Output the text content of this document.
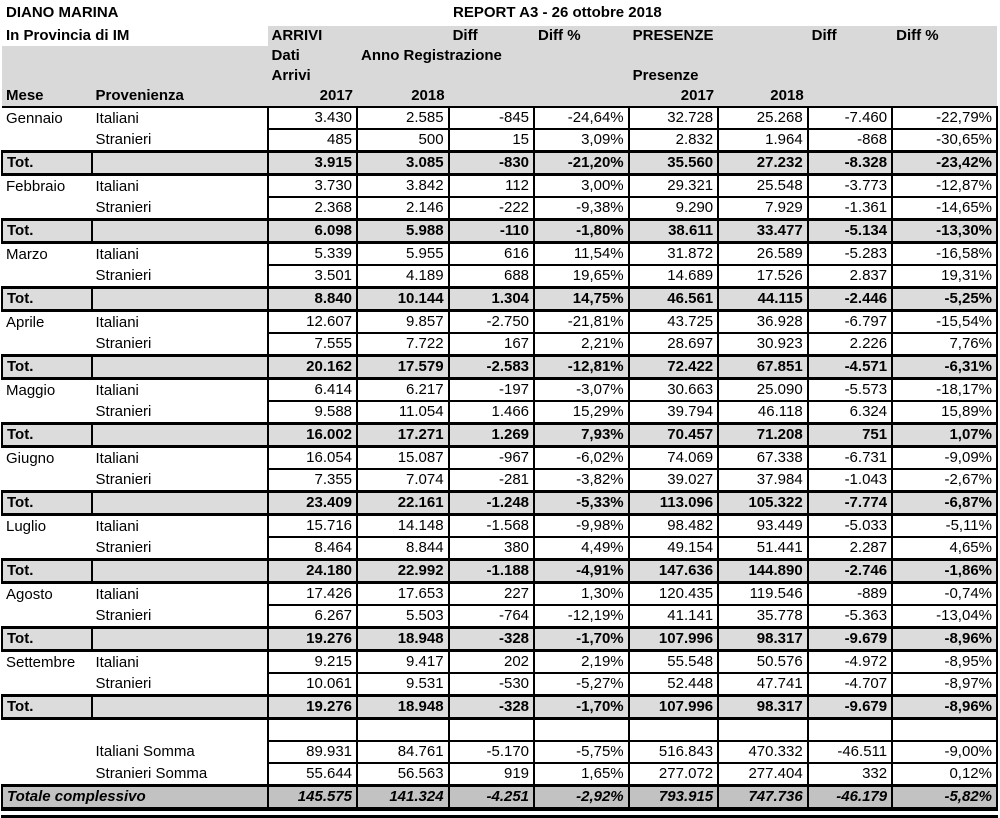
DIANO MARINA REPORT A3 - 26 ottobre 2018									

In Provincia di IM		ARRIVI		Diff	Diff %	PRESENZE		Diff	Diff %
		Dati	Anno Registrazione						
		Arrivi				Presenze			
Mese	Provenienza	2017	2018			2017	2018		
Gennaio	Italiani	3.430	2.585	-845	-24,64%	32.728	25.268	-7.460	-22,79%
	Stranieri	485	500	15	3,09%	2.832	1.964	-868	-30,65%
Tot.		3.915	3.085	-830	-21,20%	35.560	27.232	-8.328	-23,42%
Febbraio	Italiani	3.730	3.842	112	3,00%	29.321	25.548	-3.773	-12,87%
	Stranieri	2.368	2.146	-222	-9,38%	9.290	7.929	-1.361	-14,65%
Tot.		6.098	5.988	-110	-1,80%	38.611	33.477	-5.134	-13,30%
Marzo	Italiani	5.339	5.955	616	11,54%	31.872	26.589	-5.283	-16,58%
	Stranieri	3.501	4.189	688	19,65%	14.689	17.526	2.837	19,31%
Tot.		8.840	10.144	1.304	14,75%	46.561	44.115	-2.446	-5,25%
Aprile	Italiani	12.607	9.857	-2.750	-21,81%	43.725	36.928	-6.797	-15,54%
	Stranieri	7.555	7.722	167	2,21%	28.697	30.923	2.226	7,76%
Tot.		20.162	17.579	-2.583	-12,81%	72.422	67.851	-4.571	-6,31%
Maggio	Italiani	6.414	6.217	-197	-3,07%	30.663	25.090	-5.573	-18,17%
	Stranieri	9.588	11.054	1.466	15,29%	39.794	46.118	6.324	15,89%
Tot.		16.002	17.271	1.269	7,93%	70.457	71.208	751	1,07%
Giugno	Italiani	16.054	15.087	-967	-6,02%	74.069	67.338	-6.731	-9,09%
	Stranieri	7.355	7.074	-281	-3,82%	39.027	37.984	-1.043	-2,67%
Tot.		23.409	22.161	-1.248	-5,33%	113.096	105.322	-7.774	-6,87%
Luglio	Italiani	15.716	14.148	-1.568	-9,98%	98.482	93.449	-5.033	-5,11%
	Stranieri	8.464	8.844	380	4,49%	49.154	51.441	2.287	4,65%
Tot.		24.180	22.992	-1.188	-4,91%	147.636	144.890	-2.746	-1,86%
Agosto	Italiani	17.426	17.653	227	1,30%	120.435	119.546	-889	-0,74%
	Stranieri	6.267	5.503	-764	-12,19%	41.141	35.778	-5.363	-13,04%
Tot.		19.276	18.948	-328	-1,70%	107.996	98.317	-9.679	-8,96%
Settembre	Italiani	9.215	9.417	202	2,19%	55.548	50.576	-4.972	-8,95%
	Stranieri	10.061	9.531	-530	-5,27%	52.448	47.741	-4.707	-8,97%
Tot.		19.276	18.948	-328	-1,70%	107.996	98.317	-9.679	-8,96%

	Italiani Somma	89.931	84.761	-5.170	-5,75%	516.843	470.332	-46.511	-9,00%
	Stranieri Somma	55.644	56.563	919	1,65%	277.072	277.404	332	0,12%
Totale complessivo		145.575	141.324	-4.251	-2,92%	793.915	747.736	-46.179	-5,82%
